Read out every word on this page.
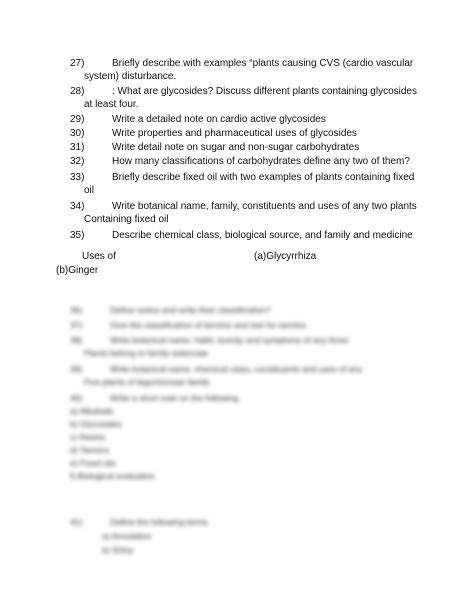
27)	Briefly describe with examples “plants causing CVS (cardio vascular
system) disturbance.
28)	: What are glycosides? Discuss different plants containing glycosides
at least four.
29)	Write a detailed note on cardio active glycosides
30)	Write properties and pharmaceutical uses of glycosides
31)	Write detail note on sugar and non-sugar carbohydrates
32)	How many classifications of carbohydrates define any two of them?
33)	Briefly describe fixed oil with two examples of plants containing fixed
oil
34)	Write botanical name, family, constituents and uses of any two plants
Containing fixed oil
35)	Describe chemical class, biological source, and family and medicine
Uses of	(a)Glycyrrhiza
(b)Ginger
36)	Define resins and write their classification?
37)	Give the classification of tannins and test for tannins
38)	Write botanical name, habit, toxicity and symptoms of any three
Plants belong to family solanciae
39)	Write botanical name, chemical class, constituents and uses of any
Five plants of leguminosae family
40)	Write a short note on the following
a) Alkaloids
b) Glycosides
c) Resins
d) Tannins
e) Fixed oils
f) Biological evaluation
41)	Define the following terms
a) Annulation
b) Shiny
